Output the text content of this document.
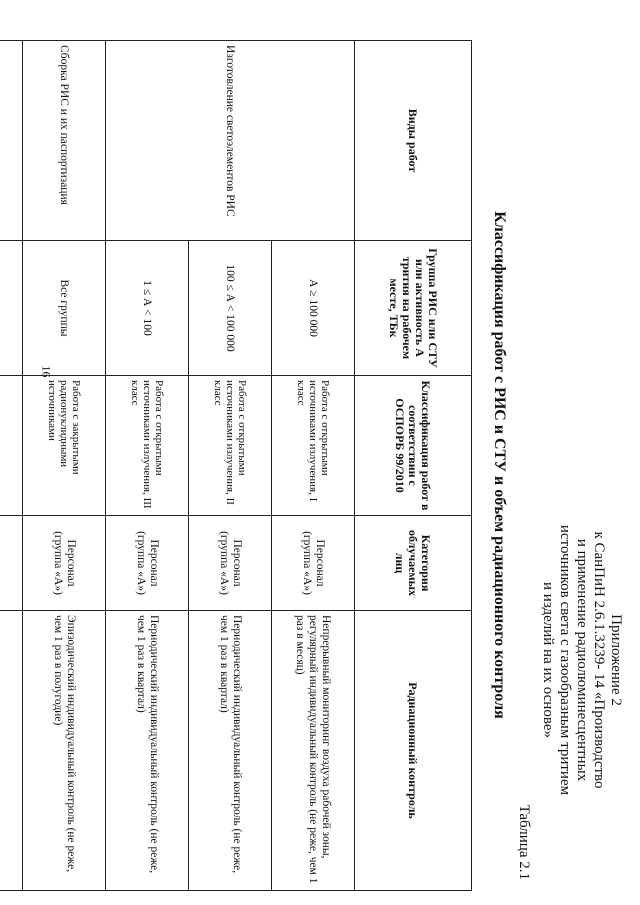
16
Приложение 2
к СанПиН 2.6.1.3239- 14 «Производство
и применение радиолюминесцентных
источников света с газообразным тритием
и изделий на их основе»
Таблица 2.1
Классификация работ с РИС и СТУ и объем радиационного контроля
Виды работ	Группа РИС или СТУ или активность А трития на рабочем месте, ТБк	Классификация работ в соответствии с ОСПОРБ 99/2010	Категория облучаемых лиц	Радиационный контроль
Изготовление светоэлементов РИС	А ≥ 100 000	Работа с открытыми источниками излучения, I класс	Персонал (группа «А»)	Непрерывный мониторинг воздуха рабочей зоны, регулярный индивидуальный контроль (не реже, чем 1 раз в месяц)
	100 ≤ А < 100 000	Работа с открытыми источниками излучения, II класс	Персонал (группа «А»)	Периодический индивидуальный контроль (не реже, чем 1 раз в квартал)
	1 ≤ А < 100	Работа с открытыми источниками излучения, III класс	Персонал (группа «А»)	Периодический индивидуальный контроль (не реже, чем 1 раз в квартал)
Сборка РИС и их паспортизация	Все группы	Работа с закрытыми радионуклидными источниками	Персонал (группа «А»)	Эпизодический индивидуальный контроль (не реже, чем 1 раз в полугодие)
